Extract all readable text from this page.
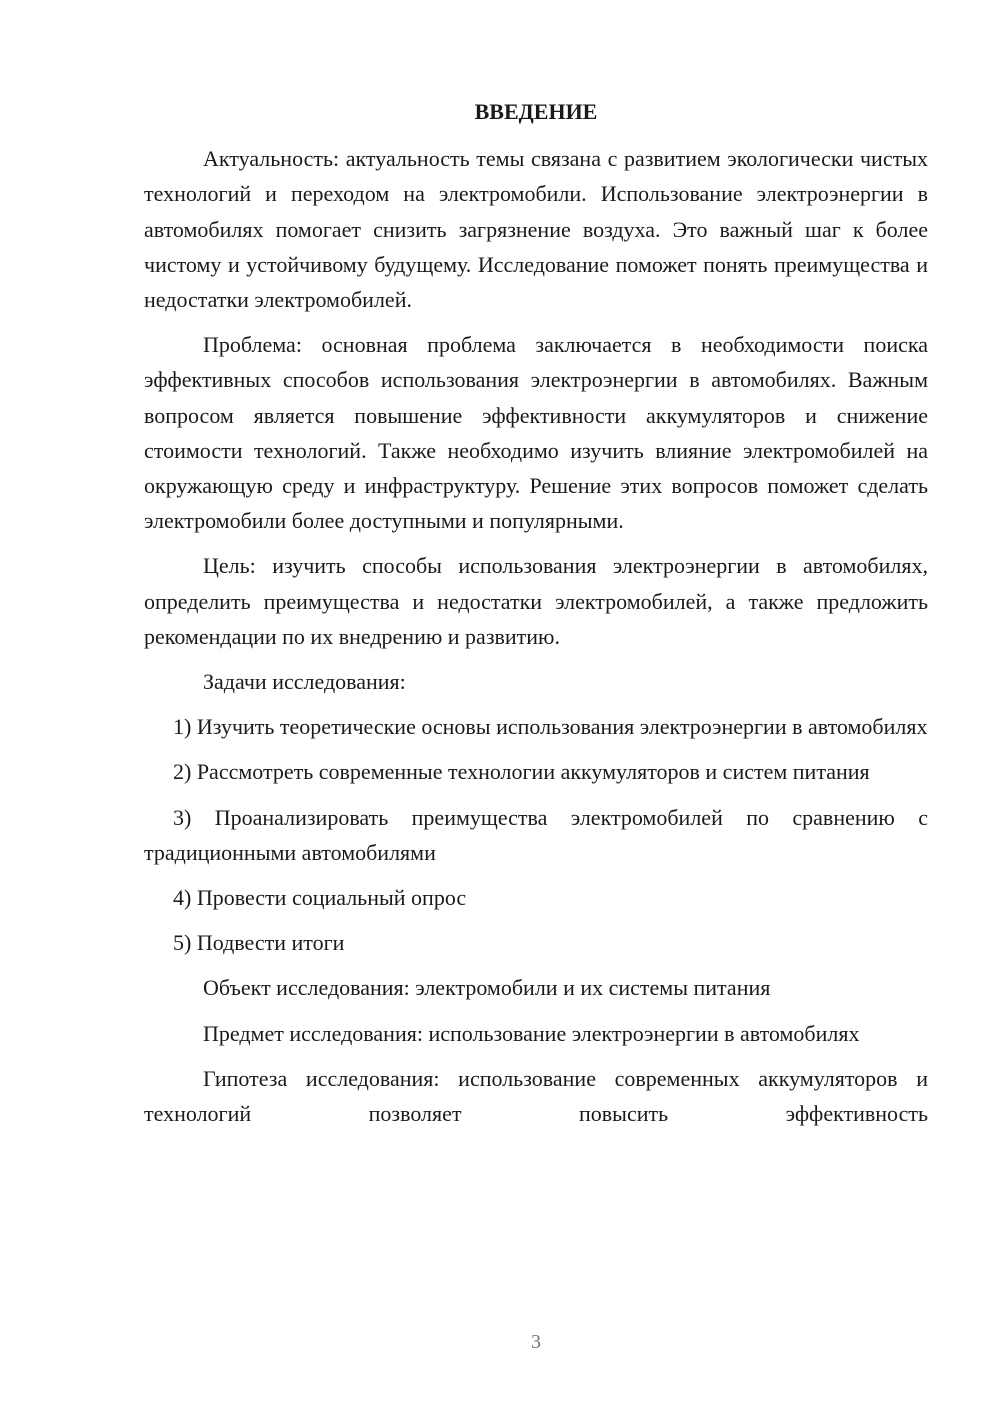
ВВЕДЕНИЕ

Актуальность: актуальность темы связана с развитием экологически чистых технологий и переходом на электромобили. Использование электроэнергии в автомобилях помогает снизить загрязнение воздуха. Это важный шаг к более чистому и устойчивому будущему. Исследование поможет понять преимущества и недостатки электромобилей.

Проблема: основная проблема заключается в необходимости поиска эффективных способов использования электроэнергии в автомобилях. Важным вопросом является повышение эффективности аккумуляторов и снижение стоимости технологий. Также необходимо изучить влияние электромобилей на окружающую среду и инфраструктуру. Решение этих вопросов поможет сделать электромобили более доступными и популярными.

Цель: изучить способы использования электроэнергии в автомобилях, определить преимущества и недостатки электромобилей, а также предложить рекомендации по их внедрению и развитию.

Задачи исследования:

1) Изучить теоретические основы использования электроэнергии в автомобилях

2) Рассмотреть современные технологии аккумуляторов и систем питания

3) Проанализировать преимущества электромобилей по сравнению с традиционными автомобилями

4) Провести социальный опрос

5) Подвести итоги

Объект исследования: электромобили и их системы питания

Предмет исследования: использование электроэнергии в автомобилях

Гипотеза исследования: использование современных аккумуляторов и технологий позволяет повысить эффективность

3
